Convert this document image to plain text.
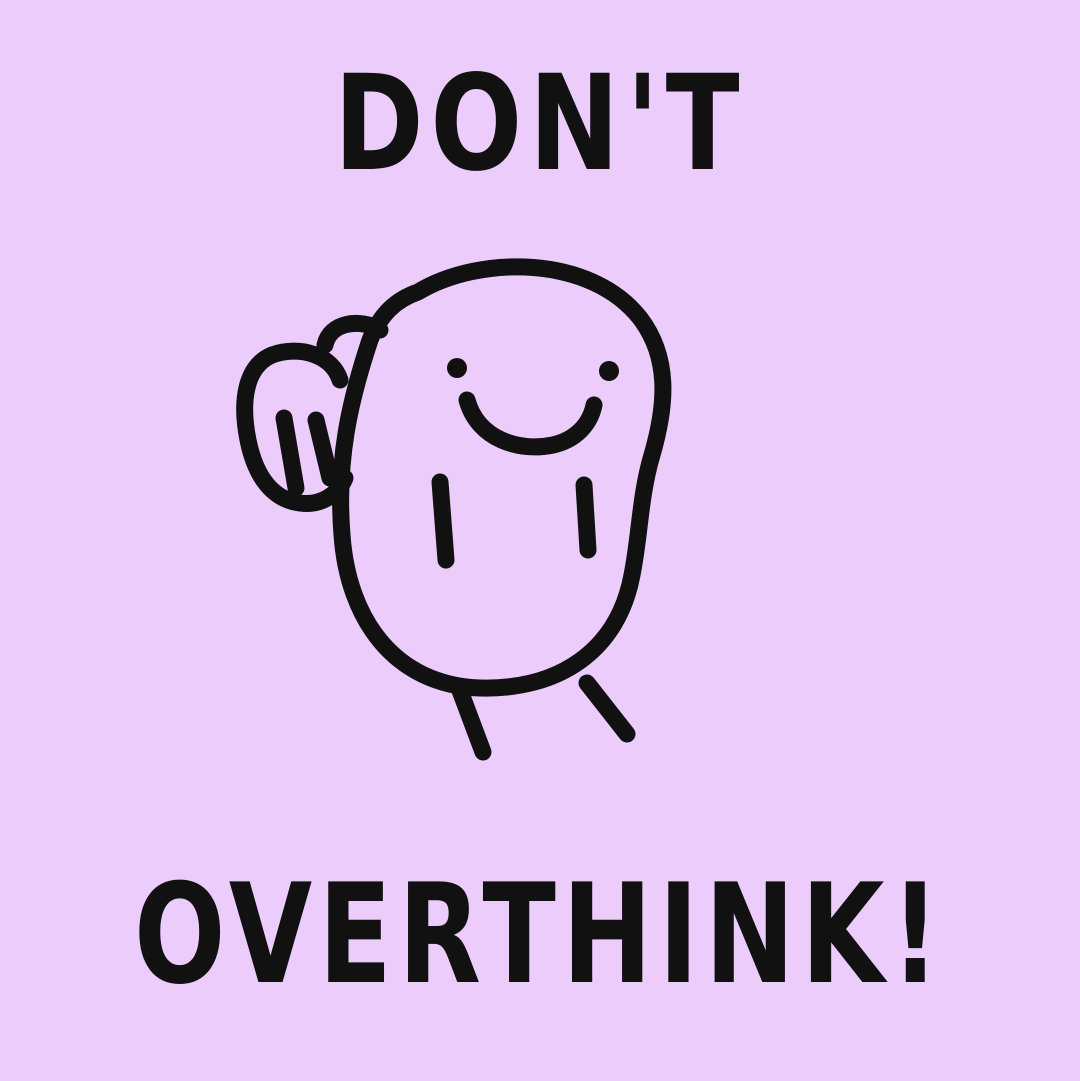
DON'T
OVERTHINK!
